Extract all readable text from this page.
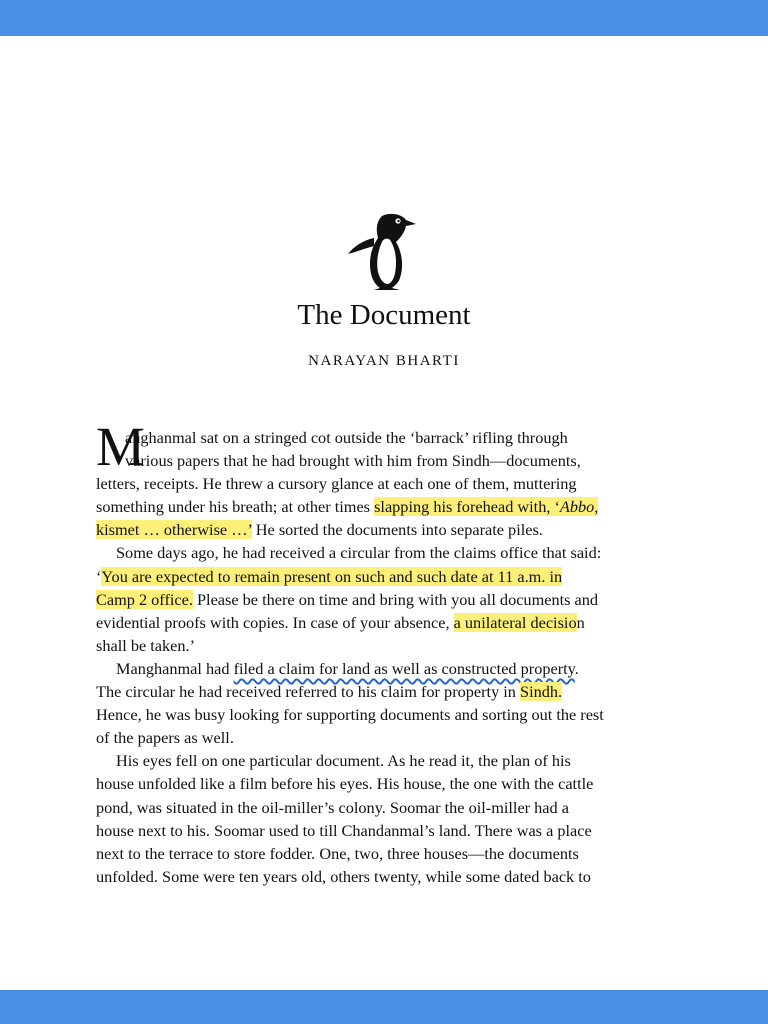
The Document
NARAYAN BHARTI
M
anghanmal sat on a stringed cot outside the ‘barrack’ rifling through
various papers that he had brought with him from Sindh—documents,
letters, receipts. He threw a cursory glance at each one of them, muttering
something under his breath; at other times slapping his forehead with, ‘Abbo,
kismet … otherwise …’ He sorted the documents into separate piles.
Some days ago, he had received a circular from the claims office that said:
‘You are expected to remain present on such and such date at 11 a.m. in
Camp 2 office. Please be there on time and bring with you all documents and
evidential proofs with copies. In case of your absence, a unilateral decision
shall be taken.’
Manghanmal had filed a claim for land as well as constructed property.
The circular he had received referred to his claim for property in Sindh.
Hence, he was busy looking for supporting documents and sorting out the rest
of the papers as well.
His eyes fell on one particular document. As he read it, the plan of his
house unfolded like a film before his eyes. His house, the one with the cattle
pond, was situated in the oil-miller’s colony. Soomar the oil-miller had a
house next to his. Soomar used to till Chandanmal’s land. There was a place
next to the terrace to store fodder. One, two, three houses—the documents
unfolded. Some were ten years old, others twenty, while some dated back to
